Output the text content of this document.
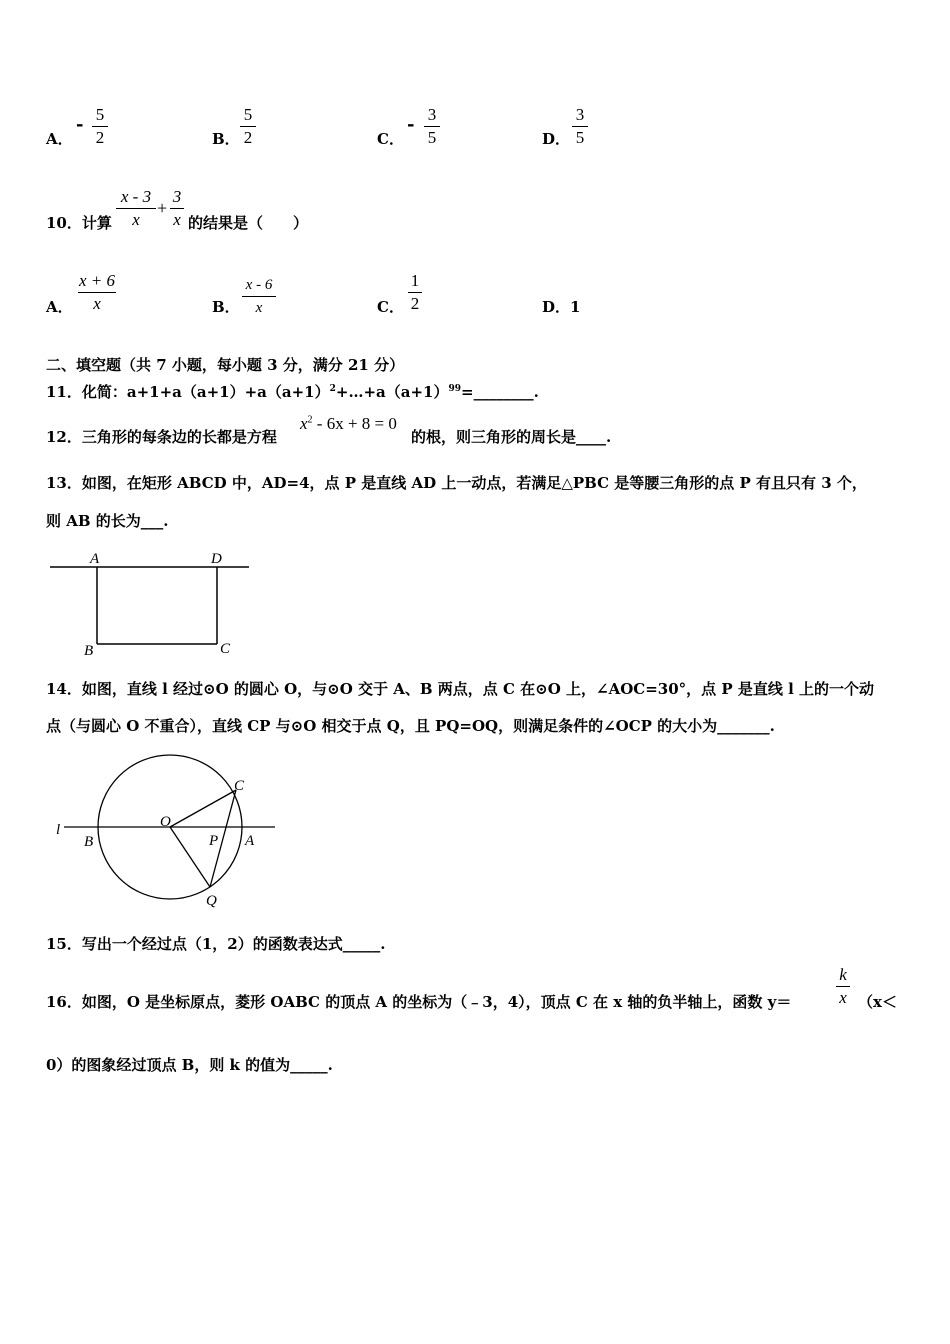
A．
- 5
2	B．
5
2	C．
- 3
5	D．
3
5
10．计算
x - 3
x
+
3
x 的结果是（　　）
A．
x + 6
x	B．
x - 6
x	C．
1
2	D．1
二、填空题（共 7 小题，每小题 3 分，满分 21 分）
11．化简：$a+1+a(a+1)+a(a+1)^2+\dots+a(a+1)^{99}=\_\_\_\_\_\_\_\_$.
12．三角形的每条边的长都是方程
$x^2 - 6x + 8 = 0$
的根，则三角形的周长是____.
13．如图，在矩形 ABCD 中，AD=4，点 P 是直线 AD 上一动点，若满足△PBC 是等腰三角形的点 P 有且只有 3 个，
则 AB 的长为___.
A	D
B	C
14．如图，直线 l 经过⊙O 的圆心 O，与⊙O 交于 A、B 两点，点 C 在⊙O 上，∠AOC=30°，点 P 是直线 l 上的一个动
点（与圆心 O 不重合），直线 CP 与⊙O 相交于点 Q，且 PQ=OQ，则满足条件的∠OCP 的大小为_______.
l
B
O
P A
C
Q
15．写出一个经过点（1，2）的函数表达式_____.
16．如图，O 是坐标原点，菱形 OABC 的顶点 A 的坐标为（﹣3，4），顶点 C 在 x 轴的负半轴上，函数 y＝
k
x （x＜
0）的图象经过顶点 B，则 k 的值为_____.
